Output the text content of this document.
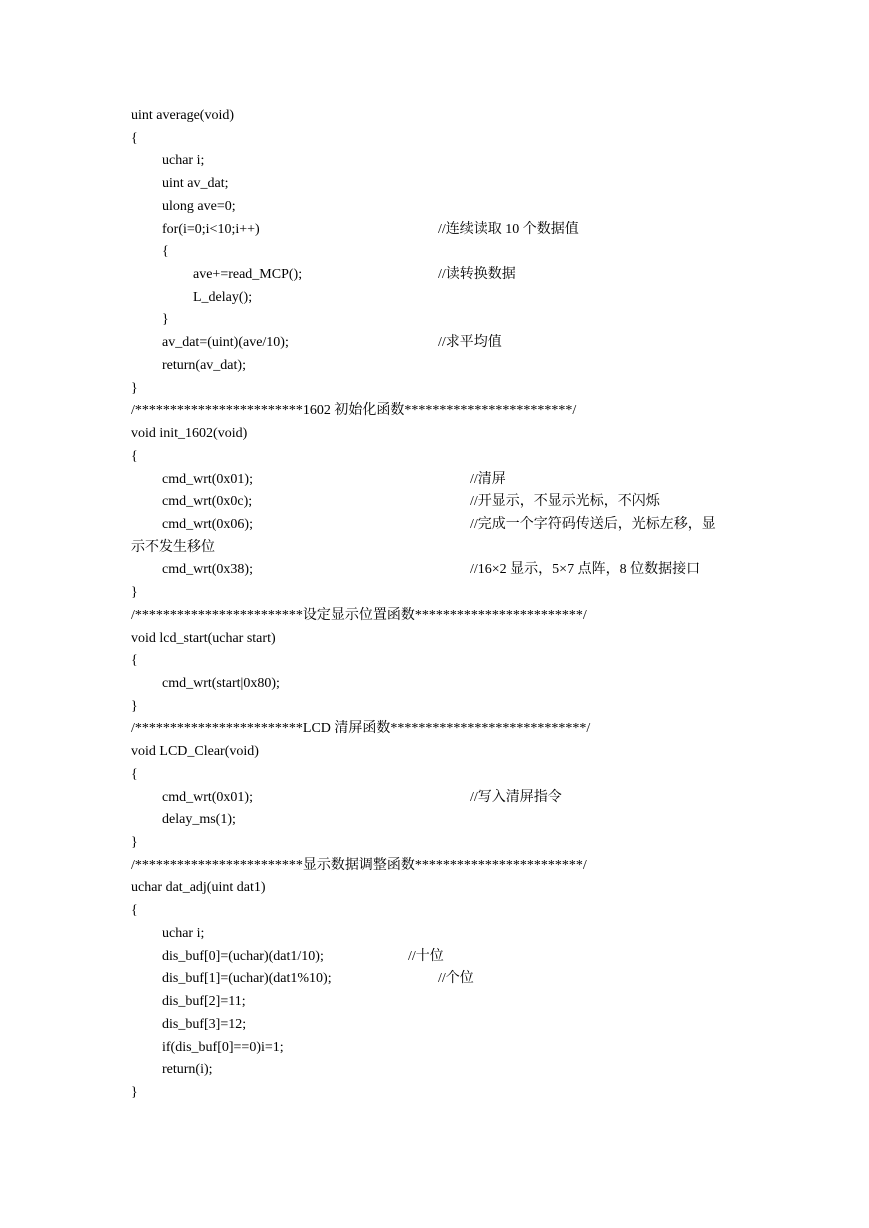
uint average(void)
{
uchar i;
uint av_dat;
ulong ave=0;
for(i=0;i<10;i++)	//连续读取 10 个数据值
{
ave+=read_MCP();	//读转换数据
L_delay();
}
av_dat=(uint)(ave/10);	//求平均值
return(av_dat);
}
/************************1602 初始化函数************************/
void init_1602(void)
{
cmd_wrt(0x01);	//清屏
cmd_wrt(0x0c);	//开显示，不显示光标，不闪烁
cmd_wrt(0x06);	//完成一个字符码传送后，光标左移，显
示不发生移位
cmd_wrt(0x38);	//16×2 显示，5×7 点阵，8 位数据接口
}
/************************设定显示位置函数************************/
void lcd_start(uchar start)
{
cmd_wrt(start|0x80);
}
/************************LCD 清屏函数****************************/
void LCD_Clear(void)
{
cmd_wrt(0x01);	//写入清屏指令
delay_ms(1);
}
/************************显示数据调整函数************************/
uchar dat_adj(uint dat1)
{
uchar i;
dis_buf[0]=(uchar)(dat1/10);	//十位
dis_buf[1]=(uchar)(dat1%10);	//个位
dis_buf[2]=11;
dis_buf[3]=12;
if(dis_buf[0]==0)i=1;
return(i);
}
